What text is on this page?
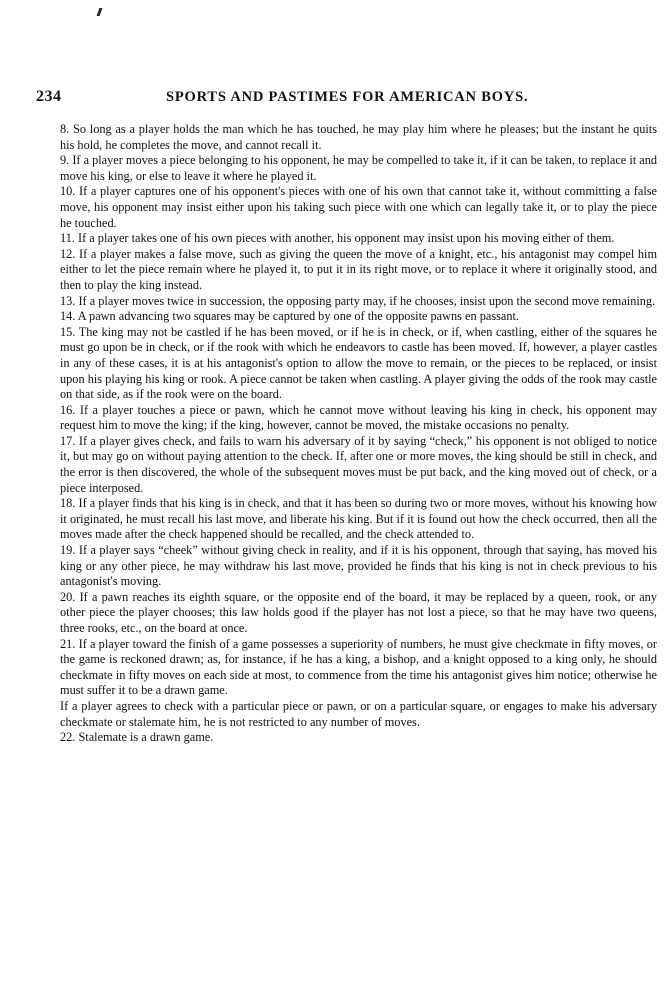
234	SPORTS AND PASTIMES FOR AMERICAN BOYS.

8. So long as a player holds the man which he has touched, he may play him where he pleases; but the instant he quits his hold, he completes the move, and cannot recall it.

9. If a player moves a piece belonging to his opponent, he may be compelled to take it, if it can be taken, to replace it and move his king, or else to leave it where he played it.

10. If a player captures one of his opponent's pieces with one of his own that cannot take it, without committing a false move, his opponent may insist either upon his taking such piece with one which can legally take it, or to play the piece he touched.

11. If a player takes one of his own pieces with another, his opponent may insist upon his moving either of them.

12. If a player makes a false move, such as giving the queen the move of a knight, etc., his antagonist may compel him either to let the piece remain where he played it, to put it in its right move, or to replace it where it originally stood, and then to play the king instead.

13. If a player moves twice in succession, the opposing party may, if he chooses, insist upon the second move remaining.

14. A pawn advancing two squares may be captured by one of the opposite pawns en passant.

15. The king may not be castled if he has been moved, or if he is in check, or if, when castling, either of the squares he must go upon be in check, or if the rook with which he endeavors to castle has been moved. If, however, a player castles in any of these cases, it is at his antagonist's option to allow the move to remain, or the pieces to be replaced, or insist upon his playing his king or rook. A piece cannot be taken when castling. A player giving the odds of the rook may castle on that side, as if the rook were on the board.

16. If a player touches a piece or pawn, which he cannot move without leaving his king in check, his opponent may request him to move the king; if the king, however, cannot be moved, the mistake occasions no penalty.

17. If a player gives check, and fails to warn his adversary of it by saying “check,” his opponent is not obliged to notice it, but may go on without paying attention to the check. If, after one or more moves, the king should be still in check, and the error is then discovered, the whole of the subsequent moves must be put back, and the king moved out of check, or a piece interposed.

18. If a player finds that his king is in check, and that it has been so during two or more moves, without his knowing how it originated, he must recall his last move, and liberate his king. But if it is found out how the check occurred, then all the moves made after the check happened should be recalled, and the check attended to.

19. If a player says “cheek” without giving check in reality, and if it is his opponent, through that saying, has moved his king or any other piece, he may withdraw his last move, provided he finds that his king is not in check previous to his antagonist's moving.

20. If a pawn reaches its eighth square, or the opposite end of the board, it may be replaced by a queen, rook, or any other piece the player chooses; this law holds good if the player has not lost a piece, so that he may have two queens, three rooks, etc., on the board at once.

21. If a player toward the finish of a game possesses a superiority of numbers, he must give checkmate in fifty moves, or the game is reckoned drawn; as, for instance, if he has a king, a bishop, and a knight opposed to a king only, he should checkmate in fifty moves on each side at most, to commence from the time his antagonist gives him notice; otherwise he must suffer it to be a drawn game.

If a player agrees to check with a particular piece or pawn, or on a particular square, or engages to make his adversary checkmate or stalemate him, he is not restricted to any number of moves.

22. Stalemate is a drawn game.
